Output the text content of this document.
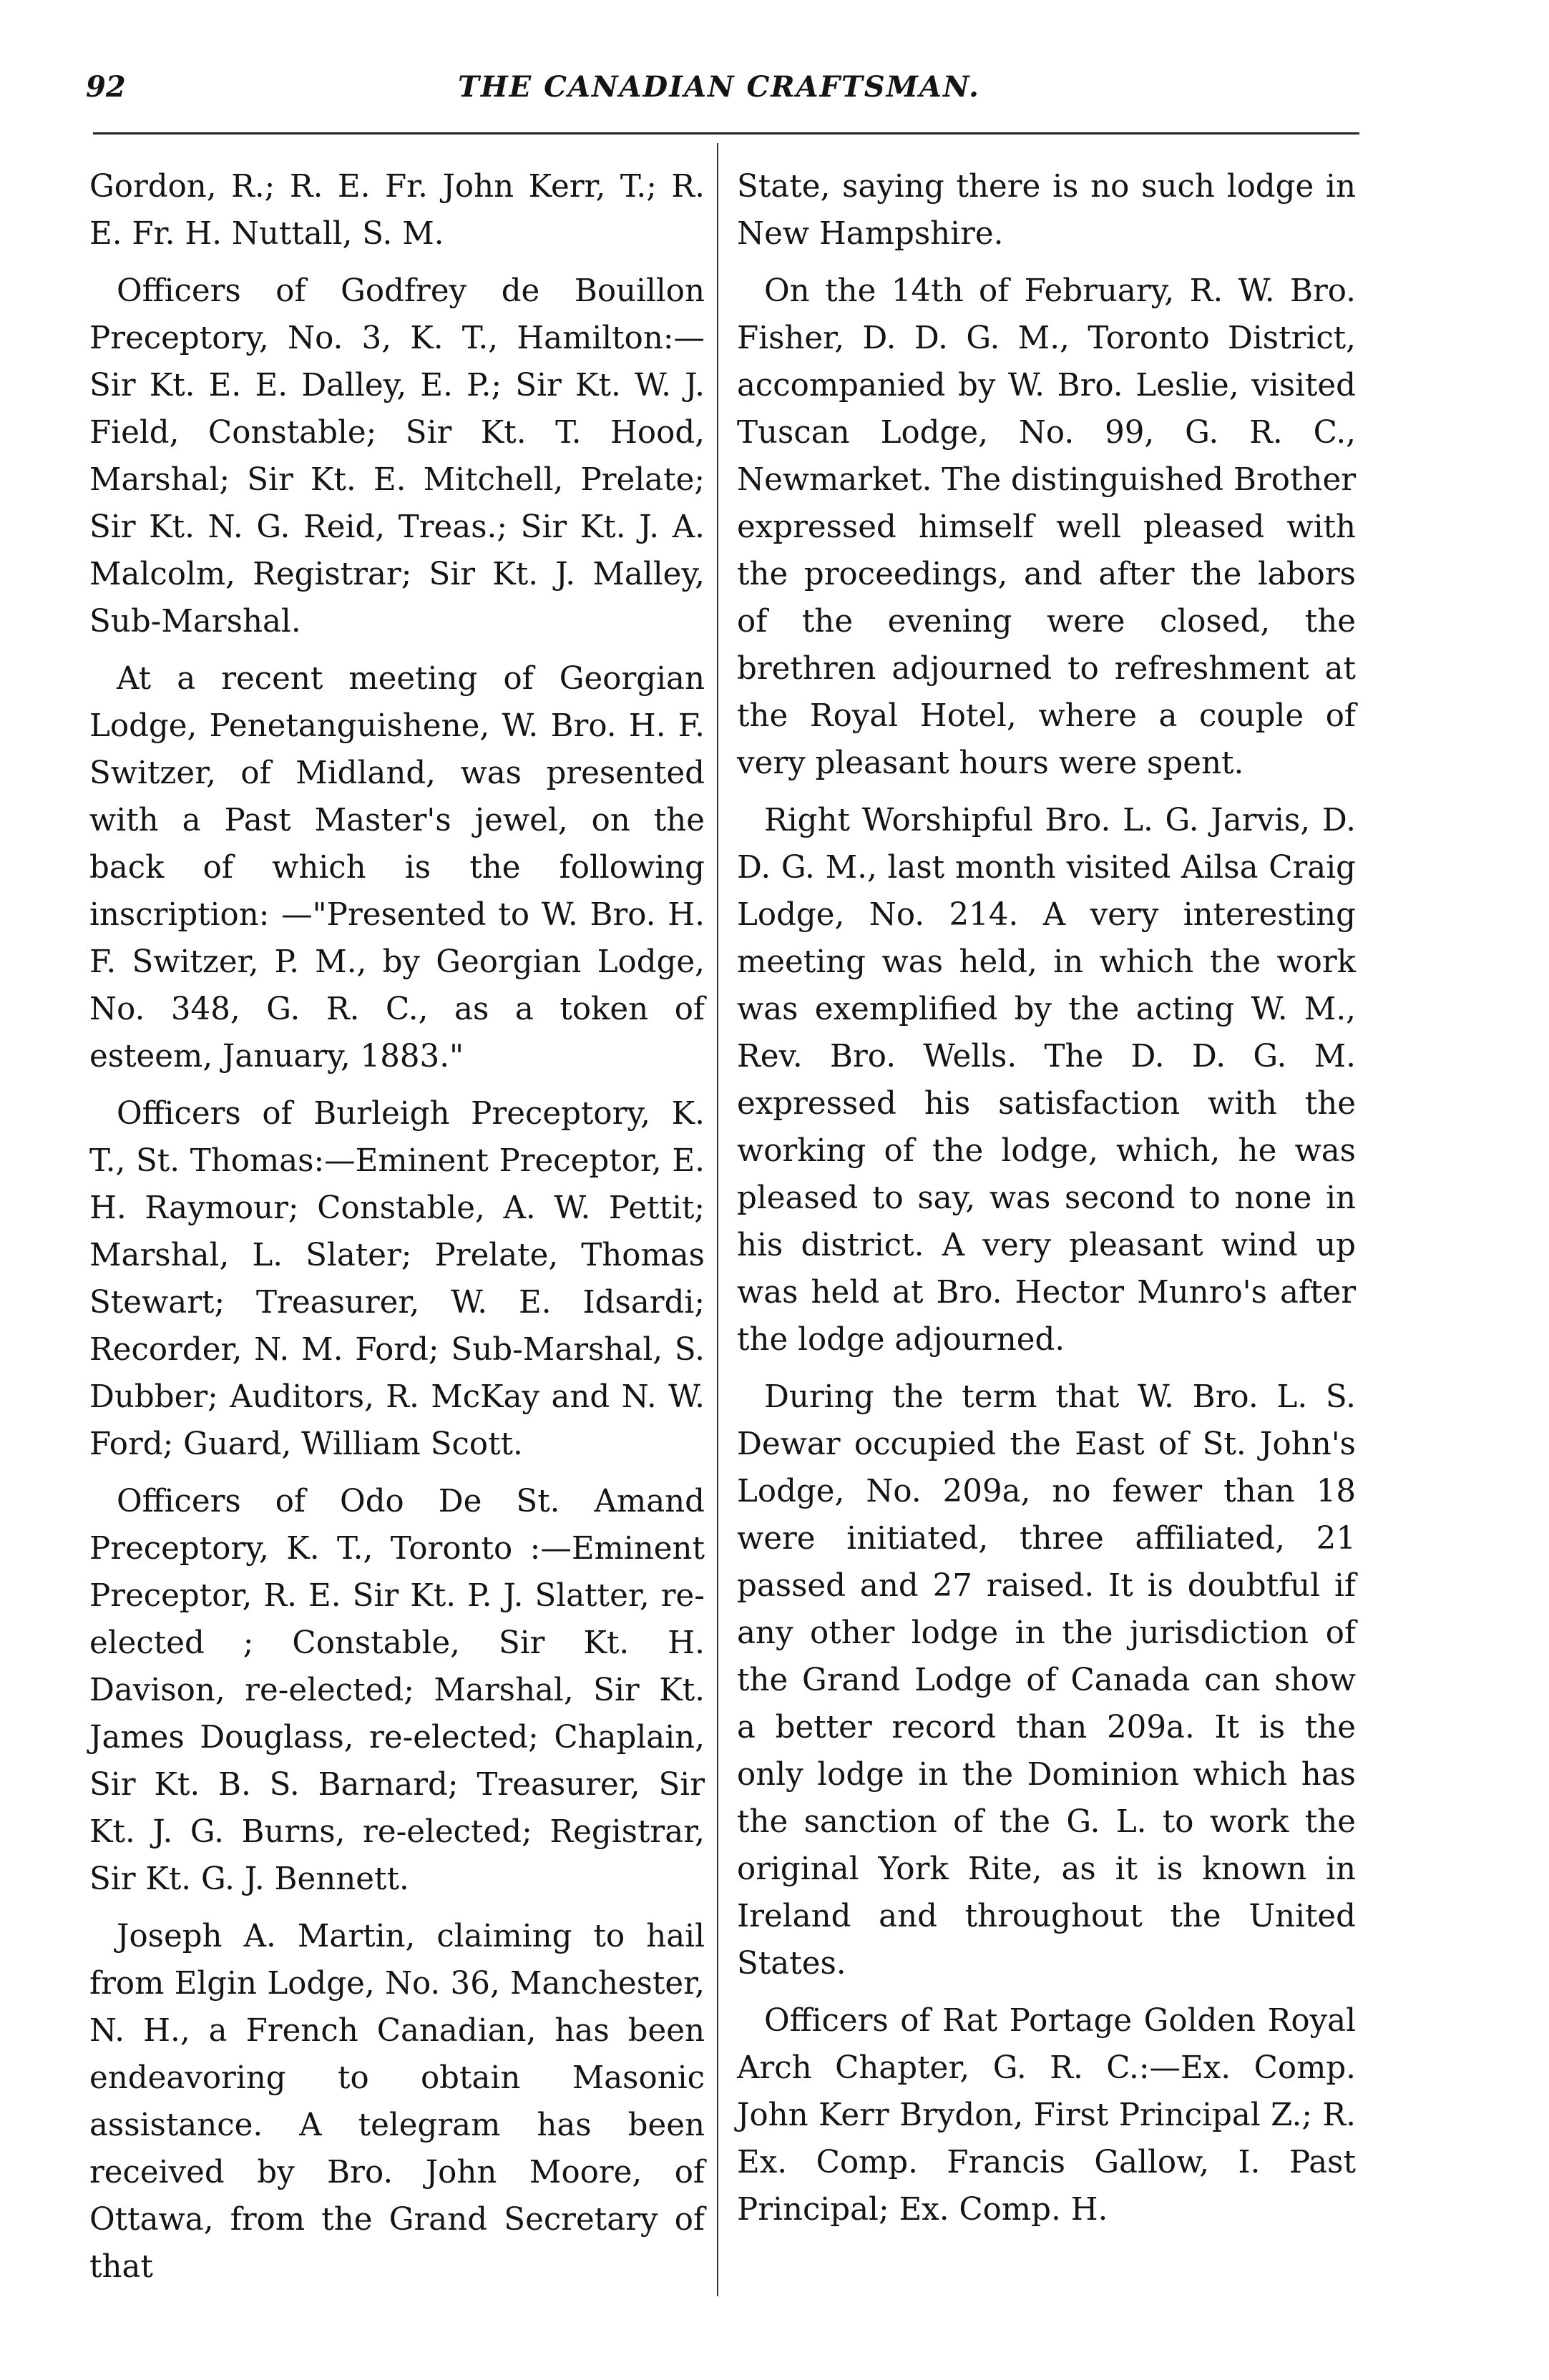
92	THE CANADIAN CRAFTSMAN.

Gordon, R.; R. E. Fr. John Kerr, T.; R. E. Fr. H. Nuttall, S. M.

Officers of Godfrey de Bouillon Preceptory, No. 3, K. T., Hamilton:—Sir Kt. E. E. Dalley, E. P.; Sir Kt. W. J. Field, Constable; Sir Kt. T. Hood, Marshal; Sir Kt. E. Mitchell, Prelate; Sir Kt. N. G. Reid, Treas.; Sir Kt. J. A. Malcolm, Registrar; Sir Kt. J. Malley, Sub-Marshal.

At a recent meeting of Georgian Lodge, Penetanguishene, W. Bro. H. F. Switzer, of Midland, was presented with a Past Master's jewel, on the back of which is the following inscription: —"Presented to W. Bro. H. F. Switzer, P. M., by Georgian Lodge, No. 348, G. R. C., as a token of esteem, January, 1883."

Officers of Burleigh Preceptory, K. T., St. Thomas:—Eminent Preceptor, E. H. Raymour; Constable, A. W. Pettit; Marshal, L. Slater; Prelate, Thomas Stewart; Treasurer, W. E. Idsardi; Recorder, N. M. Ford; Sub-Marshal, S. Dubber; Auditors, R. McKay and N. W. Ford; Guard, William Scott.

Officers of Odo De St. Amand Preceptory, K. T., Toronto :—Eminent Preceptor, R. E. Sir Kt. P. J. Slatter, re-elected ; Constable, Sir Kt. H. Davison, re-elected; Marshal, Sir Kt. James Douglass, re-elected; Chaplain, Sir Kt. B. S. Barnard; Treasurer, Sir Kt. J. G. Burns, re-elected; Registrar, Sir Kt. G. J. Bennett.

Joseph A. Martin, claiming to hail from Elgin Lodge, No. 36, Manchester, N. H., a French Canadian, has been endeavoring to obtain Masonic assistance. A telegram has been received by Bro. John Moore, of Ottawa, from the Grand Secretary of that

State, saying there is no such lodge in New Hampshire.

On the 14th of February, R. W. Bro. Fisher, D. D. G. M., Toronto District, accompanied by W. Bro. Leslie, visited Tuscan Lodge, No. 99, G. R. C., Newmarket. The distinguished Brother expressed himself well pleased with the proceedings, and after the labors of the evening were closed, the brethren adjourned to refreshment at the Royal Hotel, where a couple of very pleasant hours were spent.

Right Worshipful Bro. L. G. Jarvis, D. D. G. M., last month visited Ailsa Craig Lodge, No. 214. A very interesting meeting was held, in which the work was exemplified by the acting W. M., Rev. Bro. Wells. The D. D. G. M. expressed his satisfaction with the working of the lodge, which, he was pleased to say, was second to none in his district. A very pleasant wind up was held at Bro. Hector Munro's after the lodge adjourned.

During the term that W. Bro. L. S. Dewar occupied the East of St. John's Lodge, No. 209a, no fewer than 18 were initiated, three affiliated, 21 passed and 27 raised. It is doubtful if any other lodge in the jurisdiction of the Grand Lodge of Canada can show a better record than 209a. It is the only lodge in the Dominion which has the sanction of the G. L. to work the original York Rite, as it is known in Ireland and throughout the United States.

Officers of Rat Portage Golden Royal Arch Chapter, G. R. C.:—Ex. Comp. John Kerr Brydon, First Principal Z.; R. Ex. Comp. Francis Gallow, I. Past Principal; Ex. Comp. H.
